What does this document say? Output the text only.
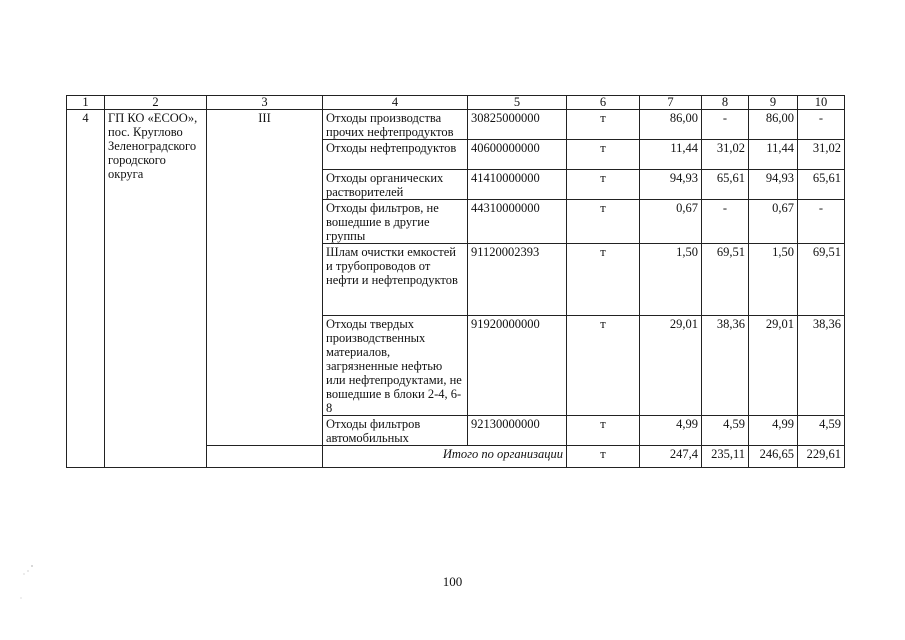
1	2	3	4	5	6	7	8	9	10
4	ГП КО «ЕСОО», пос. Круглово Зеленоградского городского округа	III	Отходы производства прочих нефтепродуктов	30825000000	т	86,00	-	86,00	-
			Отходы нефтепродуктов	40600000000	т	11,44	31,02	11,44	31,02
			Отходы органических растворителей	41410000000	т	94,93	65,61	94,93	65,61
			Отходы фильтров, не вошедшие в другие группы	44310000000	т	0,67	-	0,67	-
			Шлам очистки емкостей и трубопроводов от нефти и нефтепродуктов	91120002393	т	1,50	69,51	1,50	69,51
			Отходы твердых производственных материалов, загрязненные нефтью или нефтепродуктами, не вошедшие в блоки 2-4, 6-8	91920000000	т	29,01	38,36	29,01	38,36
			Отходы фильтров автомобильных	92130000000	т	4,99	4,59	4,99	4,59
			Итого по организации		т	247,4	235,11	246,65	229,61
100
